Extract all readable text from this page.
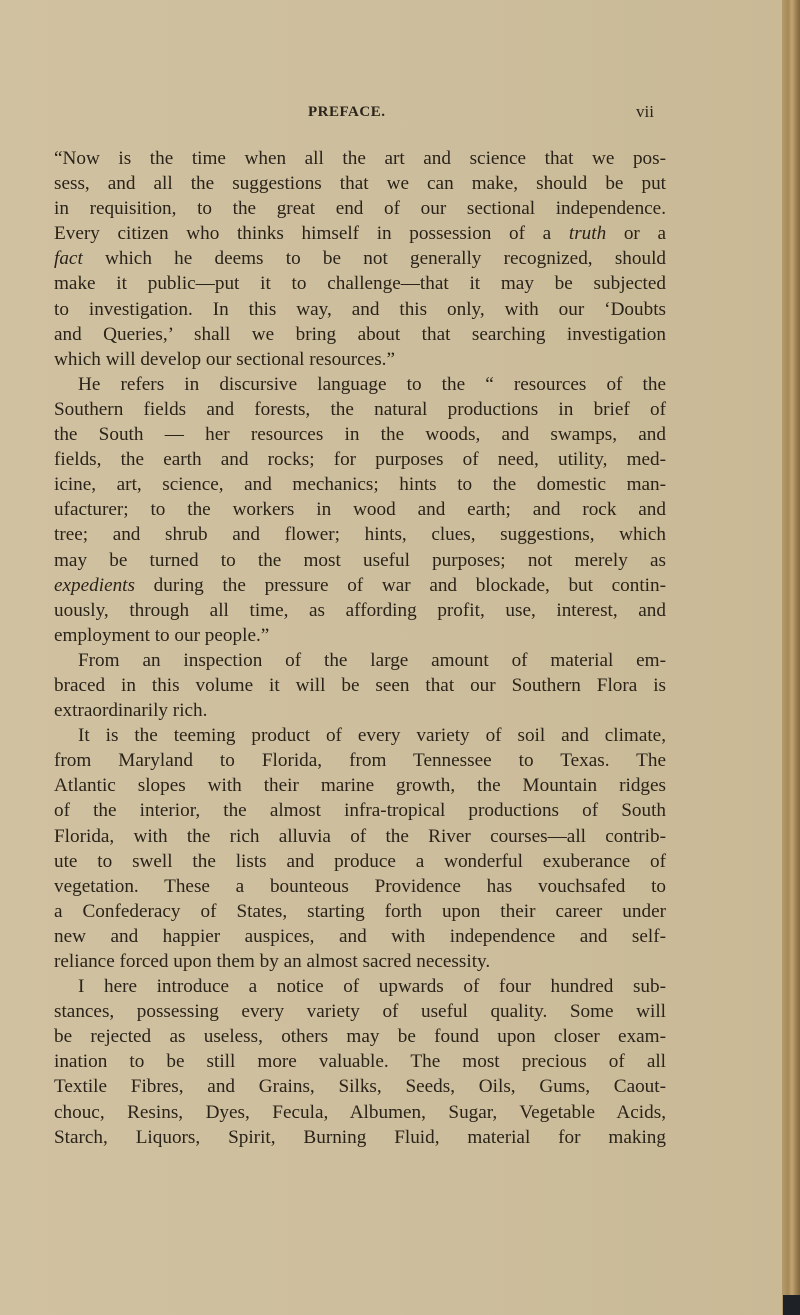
PREFACE.	vii
“Now is the time when all the art and science that we pos-
sess, and all the suggestions that we can make, should be put
in requisition, to the great end of our sectional independence.
Every citizen who thinks himself in possession of a truth or a
fact which he deems to be not generally recognized, should
make it public—put it to challenge—that it may be subjected
to investigation. In this way, and this only, with our ‘Doubts
and Queries,’ shall we bring about that searching investigation
which will develop our sectional resources.”
He refers in discursive language to the “ resources of the
Southern fields and forests, the natural productions in brief of
the South — her resources in the woods, and swamps, and
fields, the earth and rocks; for purposes of need, utility, med-
icine, art, science, and mechanics; hints to the domestic man-
ufacturer; to the workers in wood and earth; and rock and
tree; and shrub and flower; hints, clues, suggestions, which
may be turned to the most useful purposes; not merely as
expedients during the pressure of war and blockade, but contin-
uously, through all time, as affording profit, use, interest, and
employment to our people.”
From an inspection of the large amount of material em-
braced in this volume it will be seen that our Southern Flora is
extraordinarily rich.
It is the teeming product of every variety of soil and climate,
from Maryland to Florida, from Tennessee to Texas. The
Atlantic slopes with their marine growth, the Mountain ridges
of the interior, the almost infra-tropical productions of South
Florida, with the rich alluvia of the River courses—all contrib-
ute to swell the lists and produce a wonderful exuberance of
vegetation. These a bounteous Providence has vouchsafed to
a Confederacy of States, starting forth upon their career under
new and happier auspices, and with independence and self-
reliance forced upon them by an almost sacred necessity.
I here introduce a notice of upwards of four hundred sub-
stances, possessing every variety of useful quality. Some will
be rejected as useless, others may be found upon closer exam-
ination to be still more valuable. The most precious of all
Textile Fibres, and Grains, Silks, Seeds, Oils, Gums, Caout-
chouc, Resins, Dyes, Fecula, Albumen, Sugar, Vegetable Acids,
Starch, Liquors, Spirit, Burning Fluid, material for making
